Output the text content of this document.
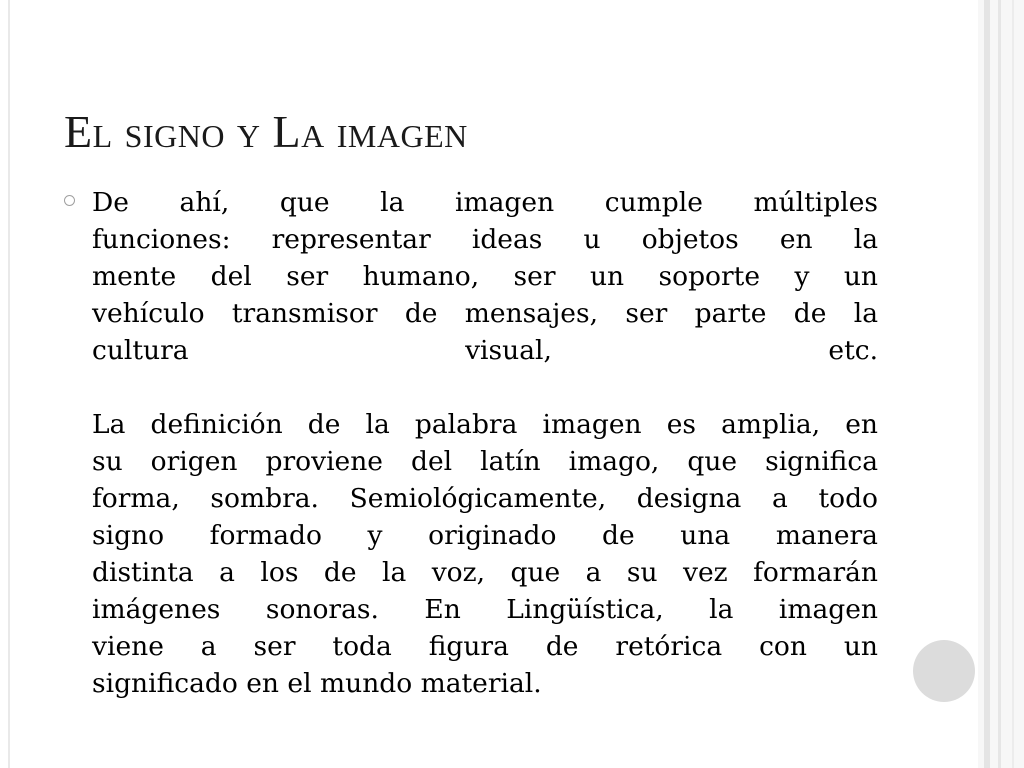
El signo y La imagen

De ahí, que la imagen cumple múltiples

funciones: representar ideas u objetos en la

mente del ser humano, ser un soporte y un

vehículo transmisor de mensajes, ser parte de la

cultura visual, etc.

La definición de la palabra imagen es amplia, en

su origen proviene del latín imago, que significa

forma, sombra. Semiológicamente, designa a todo

signo formado y originado de una manera

distinta a los de la voz, que a su vez formarán

imágenes sonoras. En Lingüística, la imagen

viene a ser toda figura de retórica con un

significado en el mundo material.
